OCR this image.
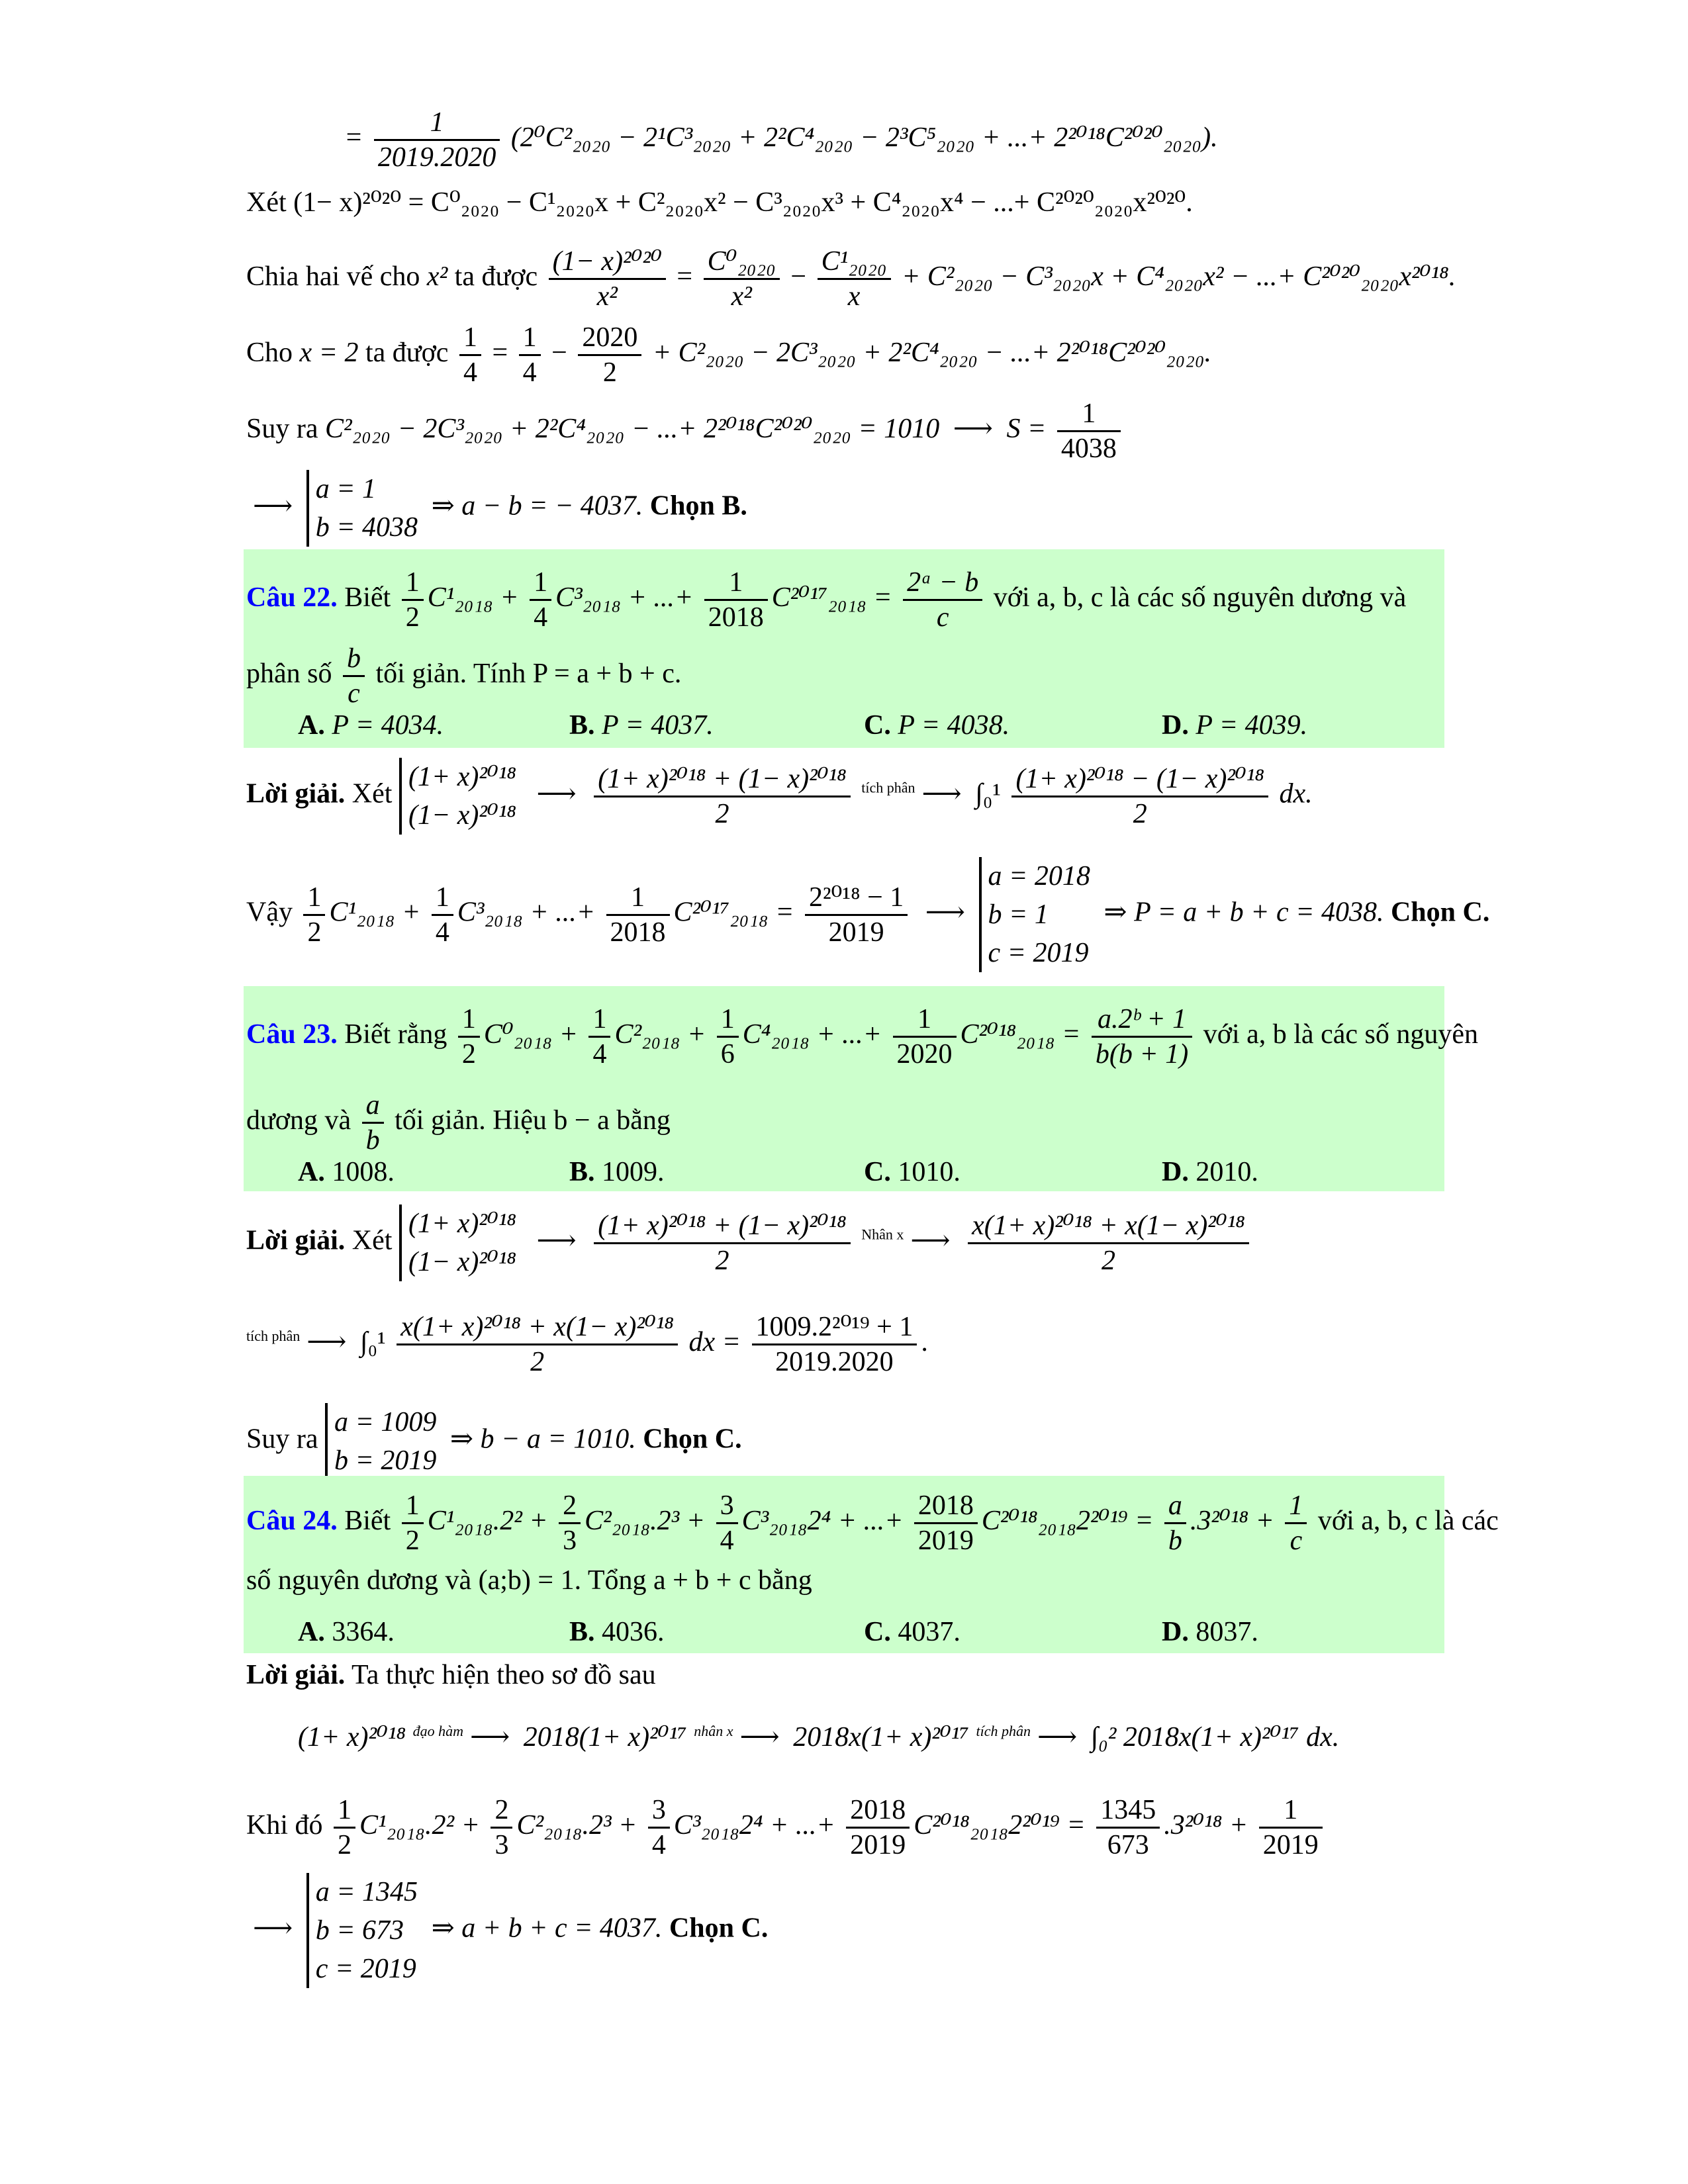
= $\frac{1}{2019.2020} (2^0C^2_{2020} - 2^1C^3_{2020} + 2^2C^4_{2020} - 2^3C^5_{2020}$ + ...+ 2²⁰¹⁸C²⁰²⁰₂₀₂₀).
Xét (1− x)²⁰²⁰ = C⁰₂₀₂₀ − C¹₂₀₂₀x + C²₂₀₂₀x² − C³₂₀₂₀x³ + C⁴₂₀₂₀x⁴ − ...+ C²⁰²⁰₂₀₂₀x²⁰²⁰.
Chia hai vế cho x² ta được $\frac{\text{(1− x)²⁰²⁰}}{\text{x²}} = \frac{\text{C⁰₂₀₂₀}}{\text{x²}} - \frac{\text{C¹₂₀₂₀}}{x} + C^2_{2020} - C^3_{2020}x + C^4_{2020}x^2$ − ...+ C²⁰²⁰₂₀₂₀x²⁰¹⁸.
Cho x = 2 ta được $\frac{1}{4} = \frac{1}{4} - \frac{2020}{2} + C^2_{2020} - 2C^3_{2020} + 2^2C^4_{2020}$ − ...+ 2²⁰¹⁸C²⁰²⁰₂₀₂₀.
Suy ra C²₂₀₂₀ − 2C³₂₀₂₀ + 2²C⁴₂₀₂₀ − ...+ 2²⁰¹⁸C²⁰²⁰₂₀₂₀ = 1010 ⟶ $S = \frac{1}{4038}$
⟶
a = 1
b = 4038
⇒ a − b = − 4037. Chọn B.
Câu 22. Biết $\frac{1}{2} C^1_{2018} + \frac{1}{4} C^3_{2018}$ + ...+ $\frac{1}{2018} C^{2017}_{2018} = \frac{\text{2ᵃ − b}}{c}$ với a, b, c là các số nguyên dương và
phân số $\frac{b}{c}$ tối giản. Tính P = a + b + c.
A. P = 4034.	B. P = 4037.	C. P = 4038.	D. P = 4039.
Lời giải. Xét
(1+ x)²⁰¹⁸
(1− x)²⁰¹⁸
⟶ $\frac{\text{(1+ x)²⁰¹⁸ + (1− x)²⁰¹⁸}}{2} ^{tích phân}$ ⟶ $\int_0^1 \frac{\text{(1+ x)²⁰¹⁸ − (1− x)²⁰¹⁸}}{2}$ dx.
Vậy $\frac{1}{2} C^1_{2018} + \frac{1}{4} C^3_{2018}$ + ...+ $\frac{1}{2018} C^{2017}_{2018} = \frac{\text{2²⁰¹⁸ − 1}}{2019}$ ⟶
a = 2018
b = 1
c = 2019
⇒ P = a + b + c = 4038. Chọn C.
Câu 23. Biết rằng $\frac{1}{2} C^0_{2018} + \frac{1}{4} C^2_{2018} + \frac{1}{6} C^4_{2018}$ + ...+ $\frac{1}{2020} C^{2018}_{2018} = \frac{\text{a.2ᵇ + 1}}{b(b + 1)}$ với a, b là các số nguyên
dương và $\frac{a}{b}$ tối giản. Hiệu b − a bằng
A. 1008.	B. 1009.	C. 1010.	D. 2010.
Lời giải. Xét
(1+ x)²⁰¹⁸
(1− x)²⁰¹⁸
⟶ $\frac{\text{(1+ x)²⁰¹⁸ + (1− x)²⁰¹⁸}}{2} ^{Nhân x}$ ⟶ $\frac{\text{x(1+ x)²⁰¹⁸ + x(1− x)²⁰¹⁸}}{2}$
$^{tích phân}$ ⟶ $\int_0^1 \frac{\text{x(1+ x)²⁰¹⁸ + x(1− x)²⁰¹⁸}}{2}$ dx = $\frac{\text{1009.2²⁰¹⁹ + 1}}{2019.2020}$ .
Suy ra
a = 1009
b = 2019
⇒ b − a = 1010. Chọn C.
Câu 24. Biết $\frac{1}{2} C^1_{2018}.2^2 + \frac{2}{3} C^2_{2018}.2^3 + \frac{3}{4} C^3_{2018}2^4$ + ...+ $\frac{2018}{2019} C^{2018}_{2018}2^{2019} = \frac{a}{b} .3^{2018} + \frac{1}{c}$ với a, b, c là các
số nguyên dương và (a;b) = 1. Tổng a + b + c bằng
A. 3364.	B. 4036.	C. 4037.	D. 8037.
Lời giải. Ta thực hiện theo sơ đồ sau
(1+ x)²⁰¹⁸ $^{đạo hàm}$ ⟶ 2018(1+ x)²⁰¹⁷ $^{nhân x}$ ⟶ 2018x(1+ x)²⁰¹⁷ $^{tích phân}$ ⟶ ∫₀² 2018x(1+ x)²⁰¹⁷ dx.
Khi đó $\frac{1}{2} C^1_{2018}.2^2 + \frac{2}{3} C^2_{2018}.2^3 + \frac{3}{4} C^3_{2018}2^4$ + ...+ $\frac{2018}{2019} C^{2018}_{2018}2^{2019} = \frac{1345}{673} .3^{2018} + \frac{1}{2019}$
⟶
a = 1345
b = 673
c = 2019
⇒ a + b + c = 4037. Chọn C.
